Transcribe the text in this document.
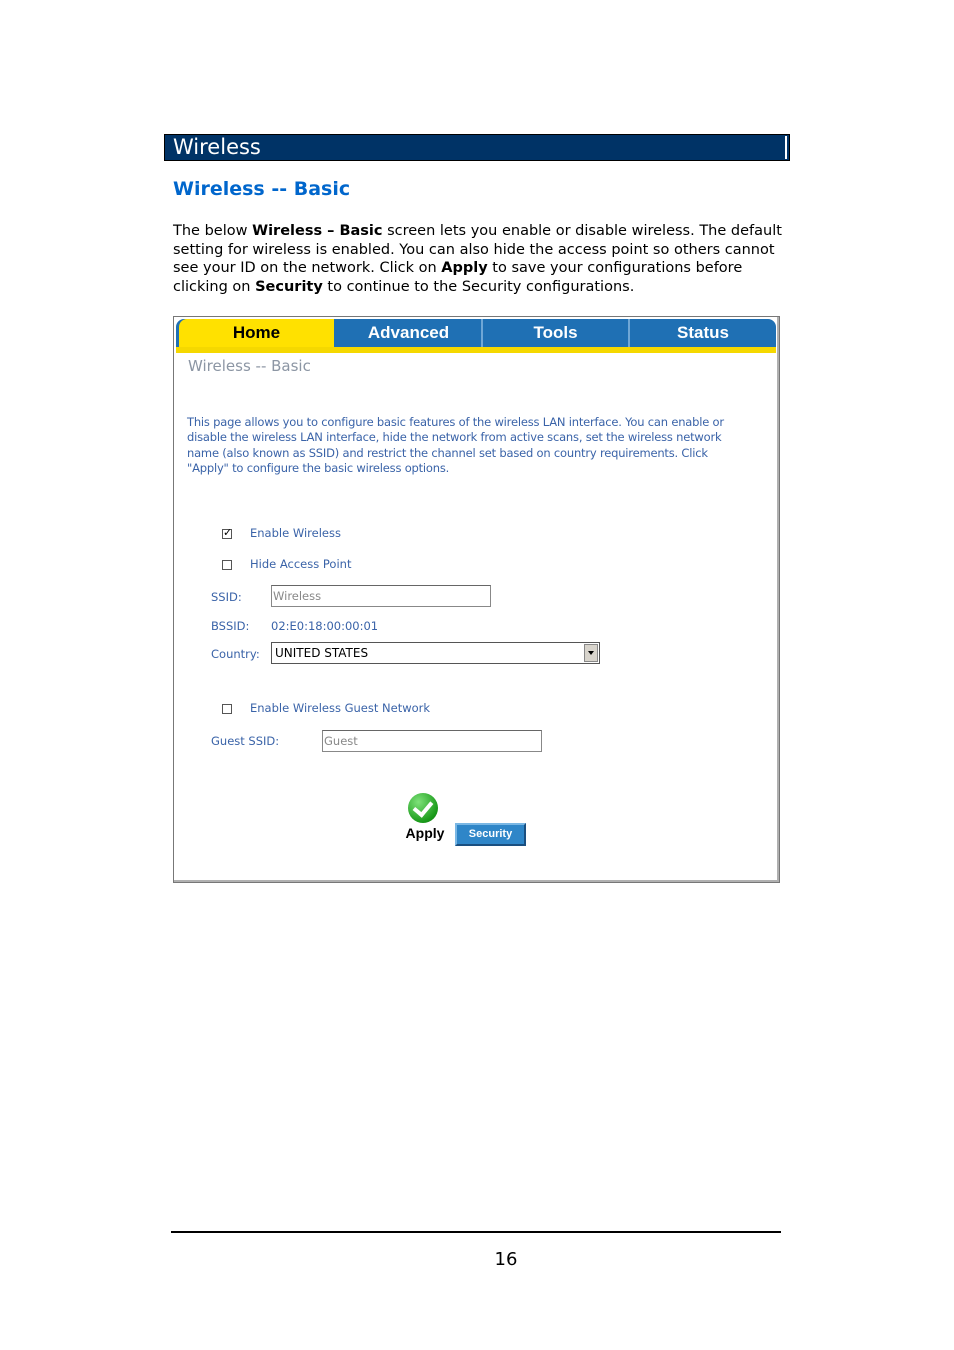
Wireless
Wireless -- Basic
The below Wireless – Basic screen lets you enable or disable wireless. The default setting for wireless is enabled. You can also hide the access point so others cannot see your ID on the network. Click on Apply to save your configurations before clicking on Security to continue to the Security configurations.
Home	Advanced	Tools	Status
Wireless -- Basic
This page allows you to configure basic features of the wireless LAN interface. You can enable or disable the wireless LAN interface, hide the network from active scans, set the wireless network name (also known as SSID) and restrict the channel set based on country requirements. Click "Apply" to configure the basic wireless options.
✓ Enable Wireless
Hide Access Point
SSID:	Wireless
BSSID: 02:E0:18:00:00:01
Country:	UNITED STATES
Enable Wireless Guest Network
Guest SSID:	Guest
Apply	Security
16
